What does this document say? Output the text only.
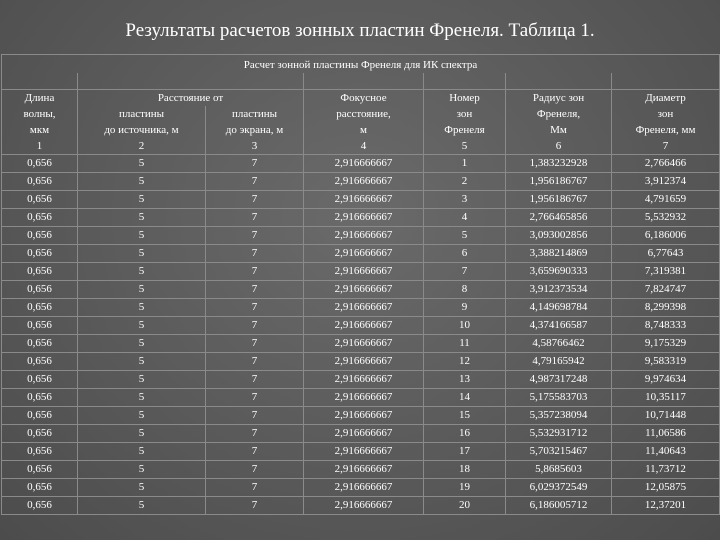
Результаты расчетов зонных пластин Френеля. Таблица 1.
Расчет зонной пластины Френеля для ИК спектра						

Длина	Расстояние от		Фокусное	Номер	Радиус зон	Диаметр
волны,	пластины	пластины	расстояние,	зон	Френеля,	зон
мкм	до источника, м	до экрана, м	м	Френеля	Мм	Френеля, мм
1	2	3	4	5	6	7
0,656	5	7	2,916666667	1	1,383232928	2,766466
0,656	5	7	2,916666667	2	1,956186767	3,912374
0,656	5	7	2,916666667	3	1,956186767	4,791659
0,656	5	7	2,916666667	4	2,766465856	5,532932
0,656	5	7	2,916666667	5	3,093002856	6,186006
0,656	5	7	2,916666667	6	3,388214869	6,77643
0,656	5	7	2,916666667	7	3,659690333	7,319381
0,656	5	7	2,916666667	8	3,912373534	7,824747
0,656	5	7	2,916666667	9	4,149698784	8,299398
0,656	5	7	2,916666667	10	4,374166587	8,748333
0,656	5	7	2,916666667	11	4,58766462	9,175329
0,656	5	7	2,916666667	12	4,79165942	9,583319
0,656	5	7	2,916666667	13	4,987317248	9,974634
0,656	5	7	2,916666667	14	5,175583703	10,35117
0,656	5	7	2,916666667	15	5,357238094	10,71448
0,656	5	7	2,916666667	16	5,532931712	11,06586
0,656	5	7	2,916666667	17	5,703215467	11,40643
0,656	5	7	2,916666667	18	5,8685603	11,73712
0,656	5	7	2,916666667	19	6,029372549	12,05875
0,656	5	7	2,916666667	20	6,186005712	12,37201
